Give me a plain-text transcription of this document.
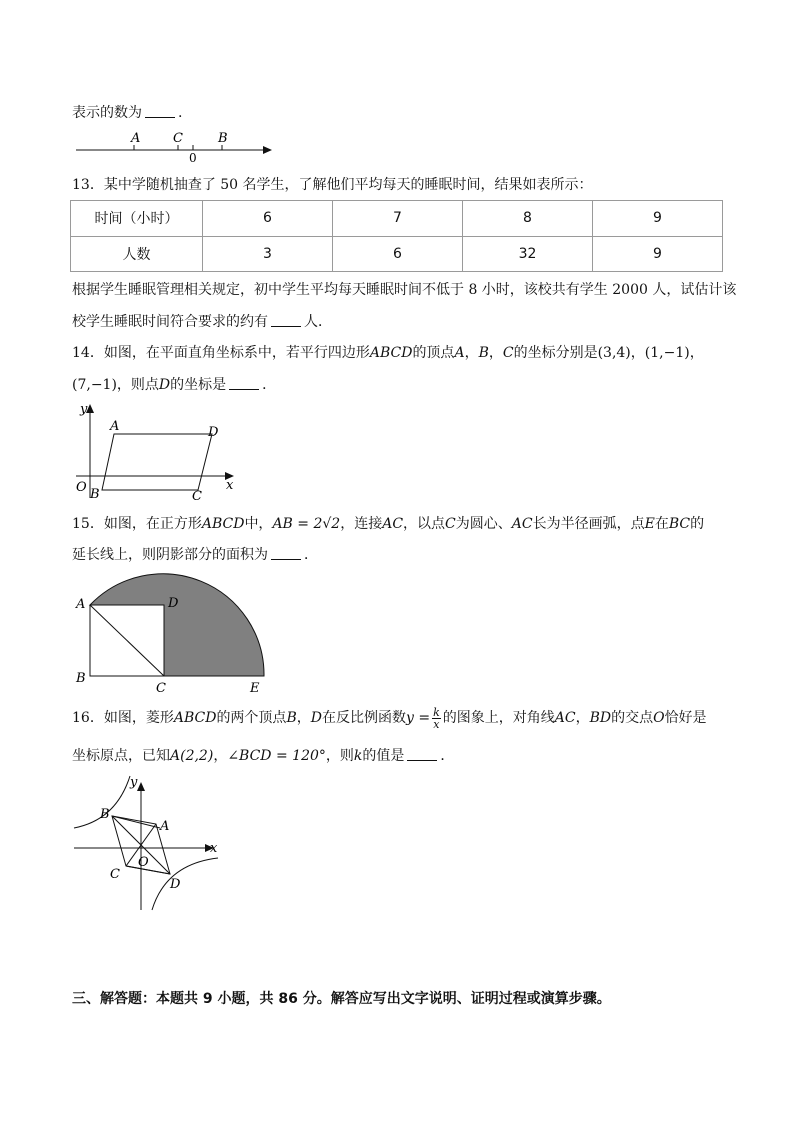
表示的数为	.
A	C	B
0
13．某中学随机抽查了 50 名学生，了解他们平均每天的睡眠时间，结果如表所示：
时间（小时）	6	7	8	9
人数	3	6	32	9
根据学生睡眠管理相关规定，初中学生平均每天睡眠时间不低于 8 小时，该校共有学生 2000 人，试估计该
校学生睡眠时间符合要求的约有	人．
14．如图，在平面直角坐标系中，若平行四边形ABCD的顶点A，B，C的坐标分别是(3,4)，(1,−1)，
(7,−1)，则点D的坐标是	．
y
x
O
A	D
B	C
15．如图，在正方形ABCD中，AB = 2√2，连接AC，以点C为圆心、AC长为半径画弧，点E在BC的
延长线上，则阴影部分的面积为	．
A	D
B
C	E
16．如图，菱形ABCD的两个顶点B，D在反比例函数$y = \frac{k}{x}$ 的图象上，对角线AC，BD的交点O恰好是
坐标原点，已知A(2,2)，∠BCD = 120°，则k的值是	．
y
x
O
A
B
C
D
三、解答题：本题共 9 小题，共 86 分。解答应写出文字说明、证明过程或演算步骤。
